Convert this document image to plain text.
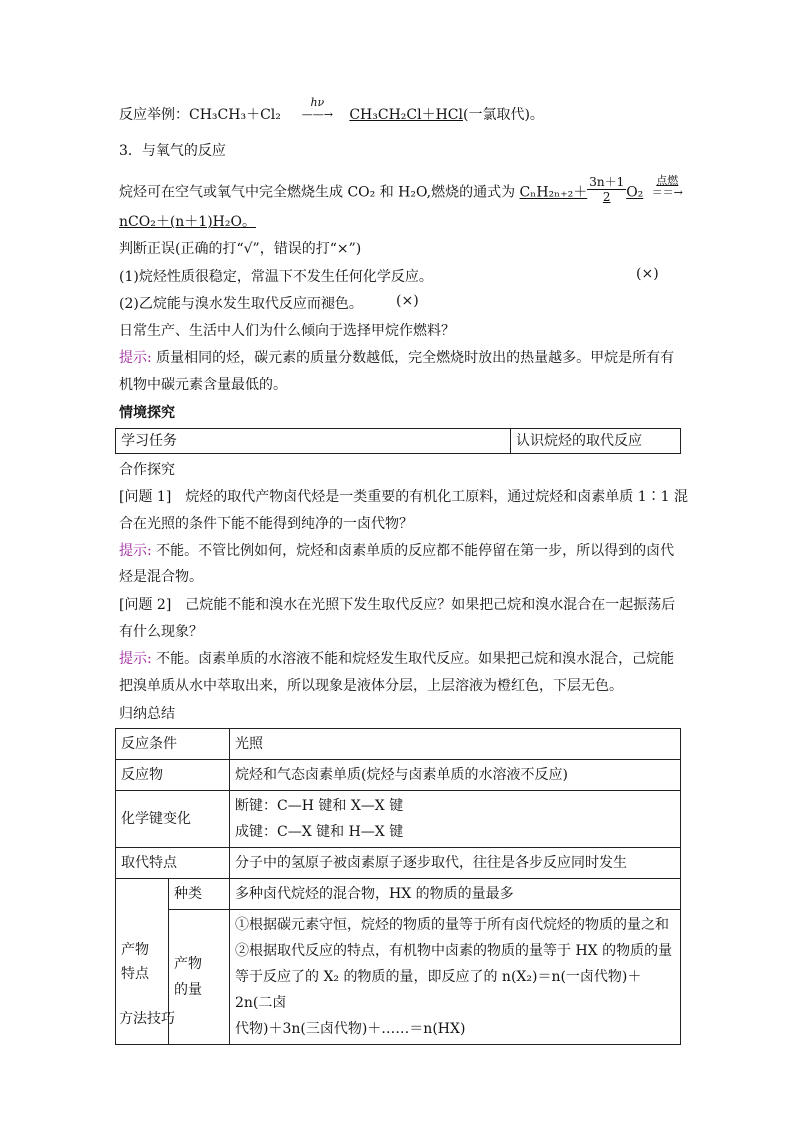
反应举例：CH₃CH₃＋Cl₂ hν
——→CH₃CH₂Cl＋HCl(一氯取代)。
3．与氧气的反应
烷烃可在空气或氧气中完全燃烧生成 CO₂ 和 H₂O,燃烧的通式为 $C_nH_{2n+2}+ \frac{3n+1}{2} O_2$点燃
＝＝→
nCO₂＋(n＋1)H₂O。
判断正误(正确的打“√”，错误的打“×”)
(1)烷烃性质很稳定，常温下不发生任何化学反应。	(×)
(2)乙烷能与溴水发生取代反应而褪色。 (×)
日常生产、生活中人们为什么倾向于选择甲烷作燃料？
提示: 质量相同的烃，碳元素的质量分数越低，完全燃烧时放出的热量越多。甲烷是所有有
机物中碳元素含量最低的。
情境探究
学习任务	认识烷烃的取代反应
合作探究
[问题 1]　烷烃的取代产物卤代烃是一类重要的有机化工原料，通过烷烃和卤素单质 1∶1 混
合在光照的条件下能不能得到纯净的一卤代物？
提示: 不能。不管比例如何，烷烃和卤素单质的反应都不能停留在第一步，所以得到的卤代
烃是混合物。
[问题 2]　己烷能不能和溴水在光照下发生取代反应？如果把己烷和溴水混合在一起振荡后
有什么现象？
提示: 不能。卤素单质的水溶液不能和烷烃发生取代反应。如果把己烷和溴水混合，己烷能
把溴单质从水中萃取出来，所以现象是液体分层，上层溶液为橙红色，下层无色。
归纳总结
反应条件		光照
反应物		烷烃和气态卤素单质(烷烃与卤素单质的水溶液不反应)
化学键变化		断键：C—H 键和 X—X 键
成键：C—X 键和 H—X 键

取代特点		分子中的氢原子被卤素原子逐步取代，往往是各步反应同时发生

产物特点	种类	多种卤代烷烃的混合物，HX 的物质的量最多

	产物的量	①根据碳元素守恒，烷烃的物质的量等于所有卤代烷烃的物质的量之和
②根据取代反应的特点，有机物中卤素的物质的量等于 HX 的物质的量
等于反应了的 X₂ 的物质的量，即反应了的 n(X₂)＝n(一卤代物)＋2n(二卤
代物)＋3n(三卤代物)＋……＝n(HX)
方法技巧
